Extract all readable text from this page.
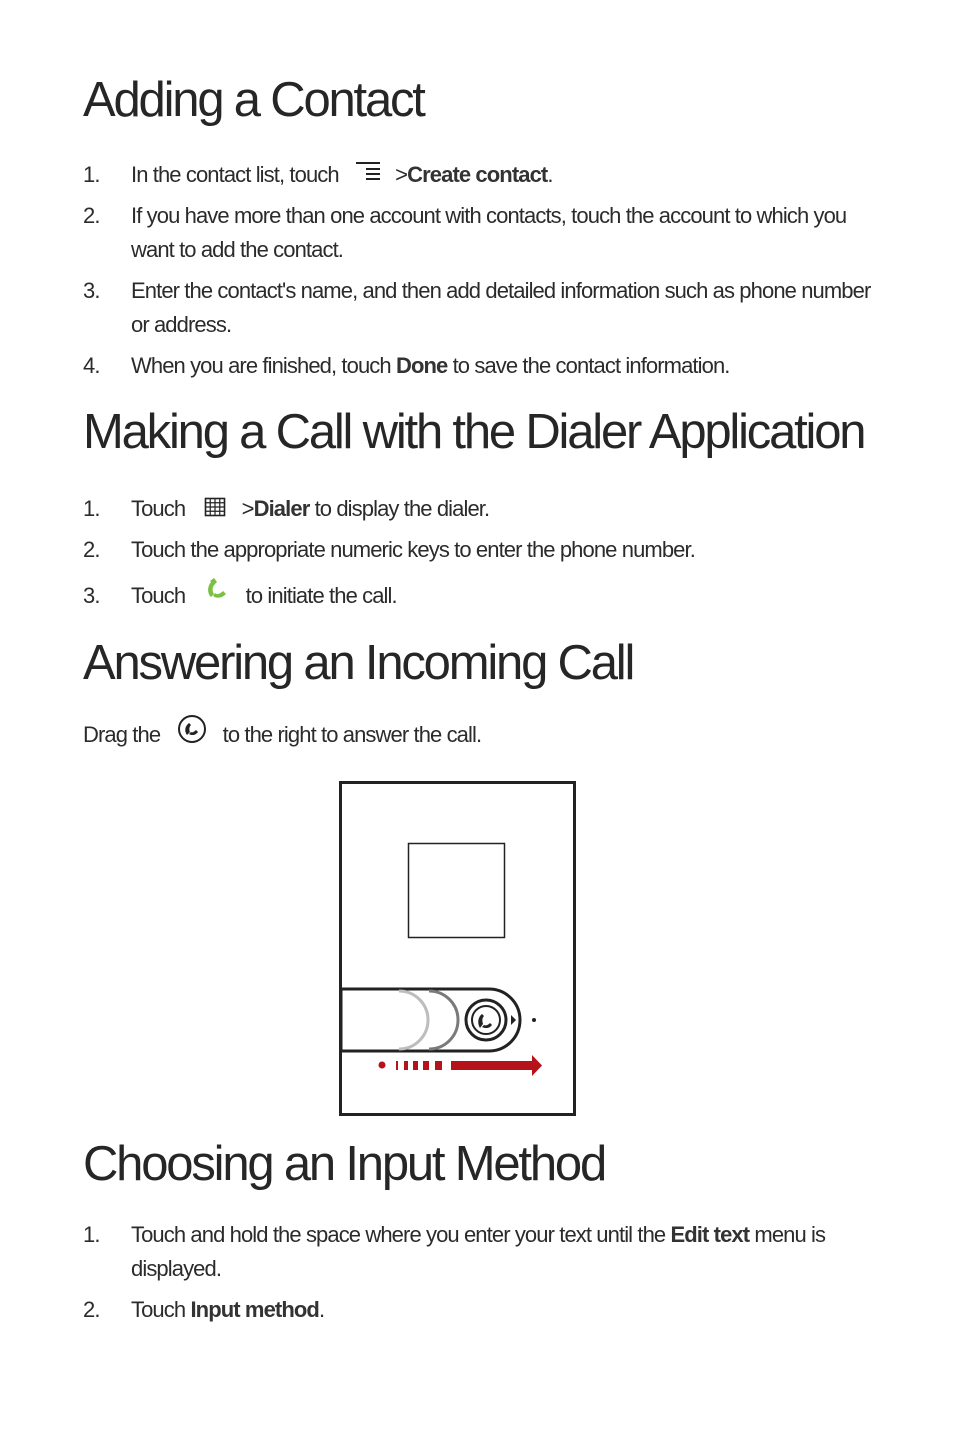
Adding a Contact
1.	In the contact list, touch	>Create contact.
2.	If you have more than one account with contacts, touch the account to which you want to add the contact.
3.	Enter the contact's name, and then add detailed information such as phone number or address.
4.	When you are finished, touch Done to save the contact information.
Making a Call with the Dialer Application
1.	Touch	>Dialer to display the dialer.
2.	Touch the appropriate numeric keys to enter the phone number.
3.	Touch	to initiate the call.
Answering an Incoming Call
Drag the	to the right to answer the call.
Choosing an Input Method
1.	Touch and hold the space where you enter your text until the Edit text menu is displayed.
2.	Touch Input method.
